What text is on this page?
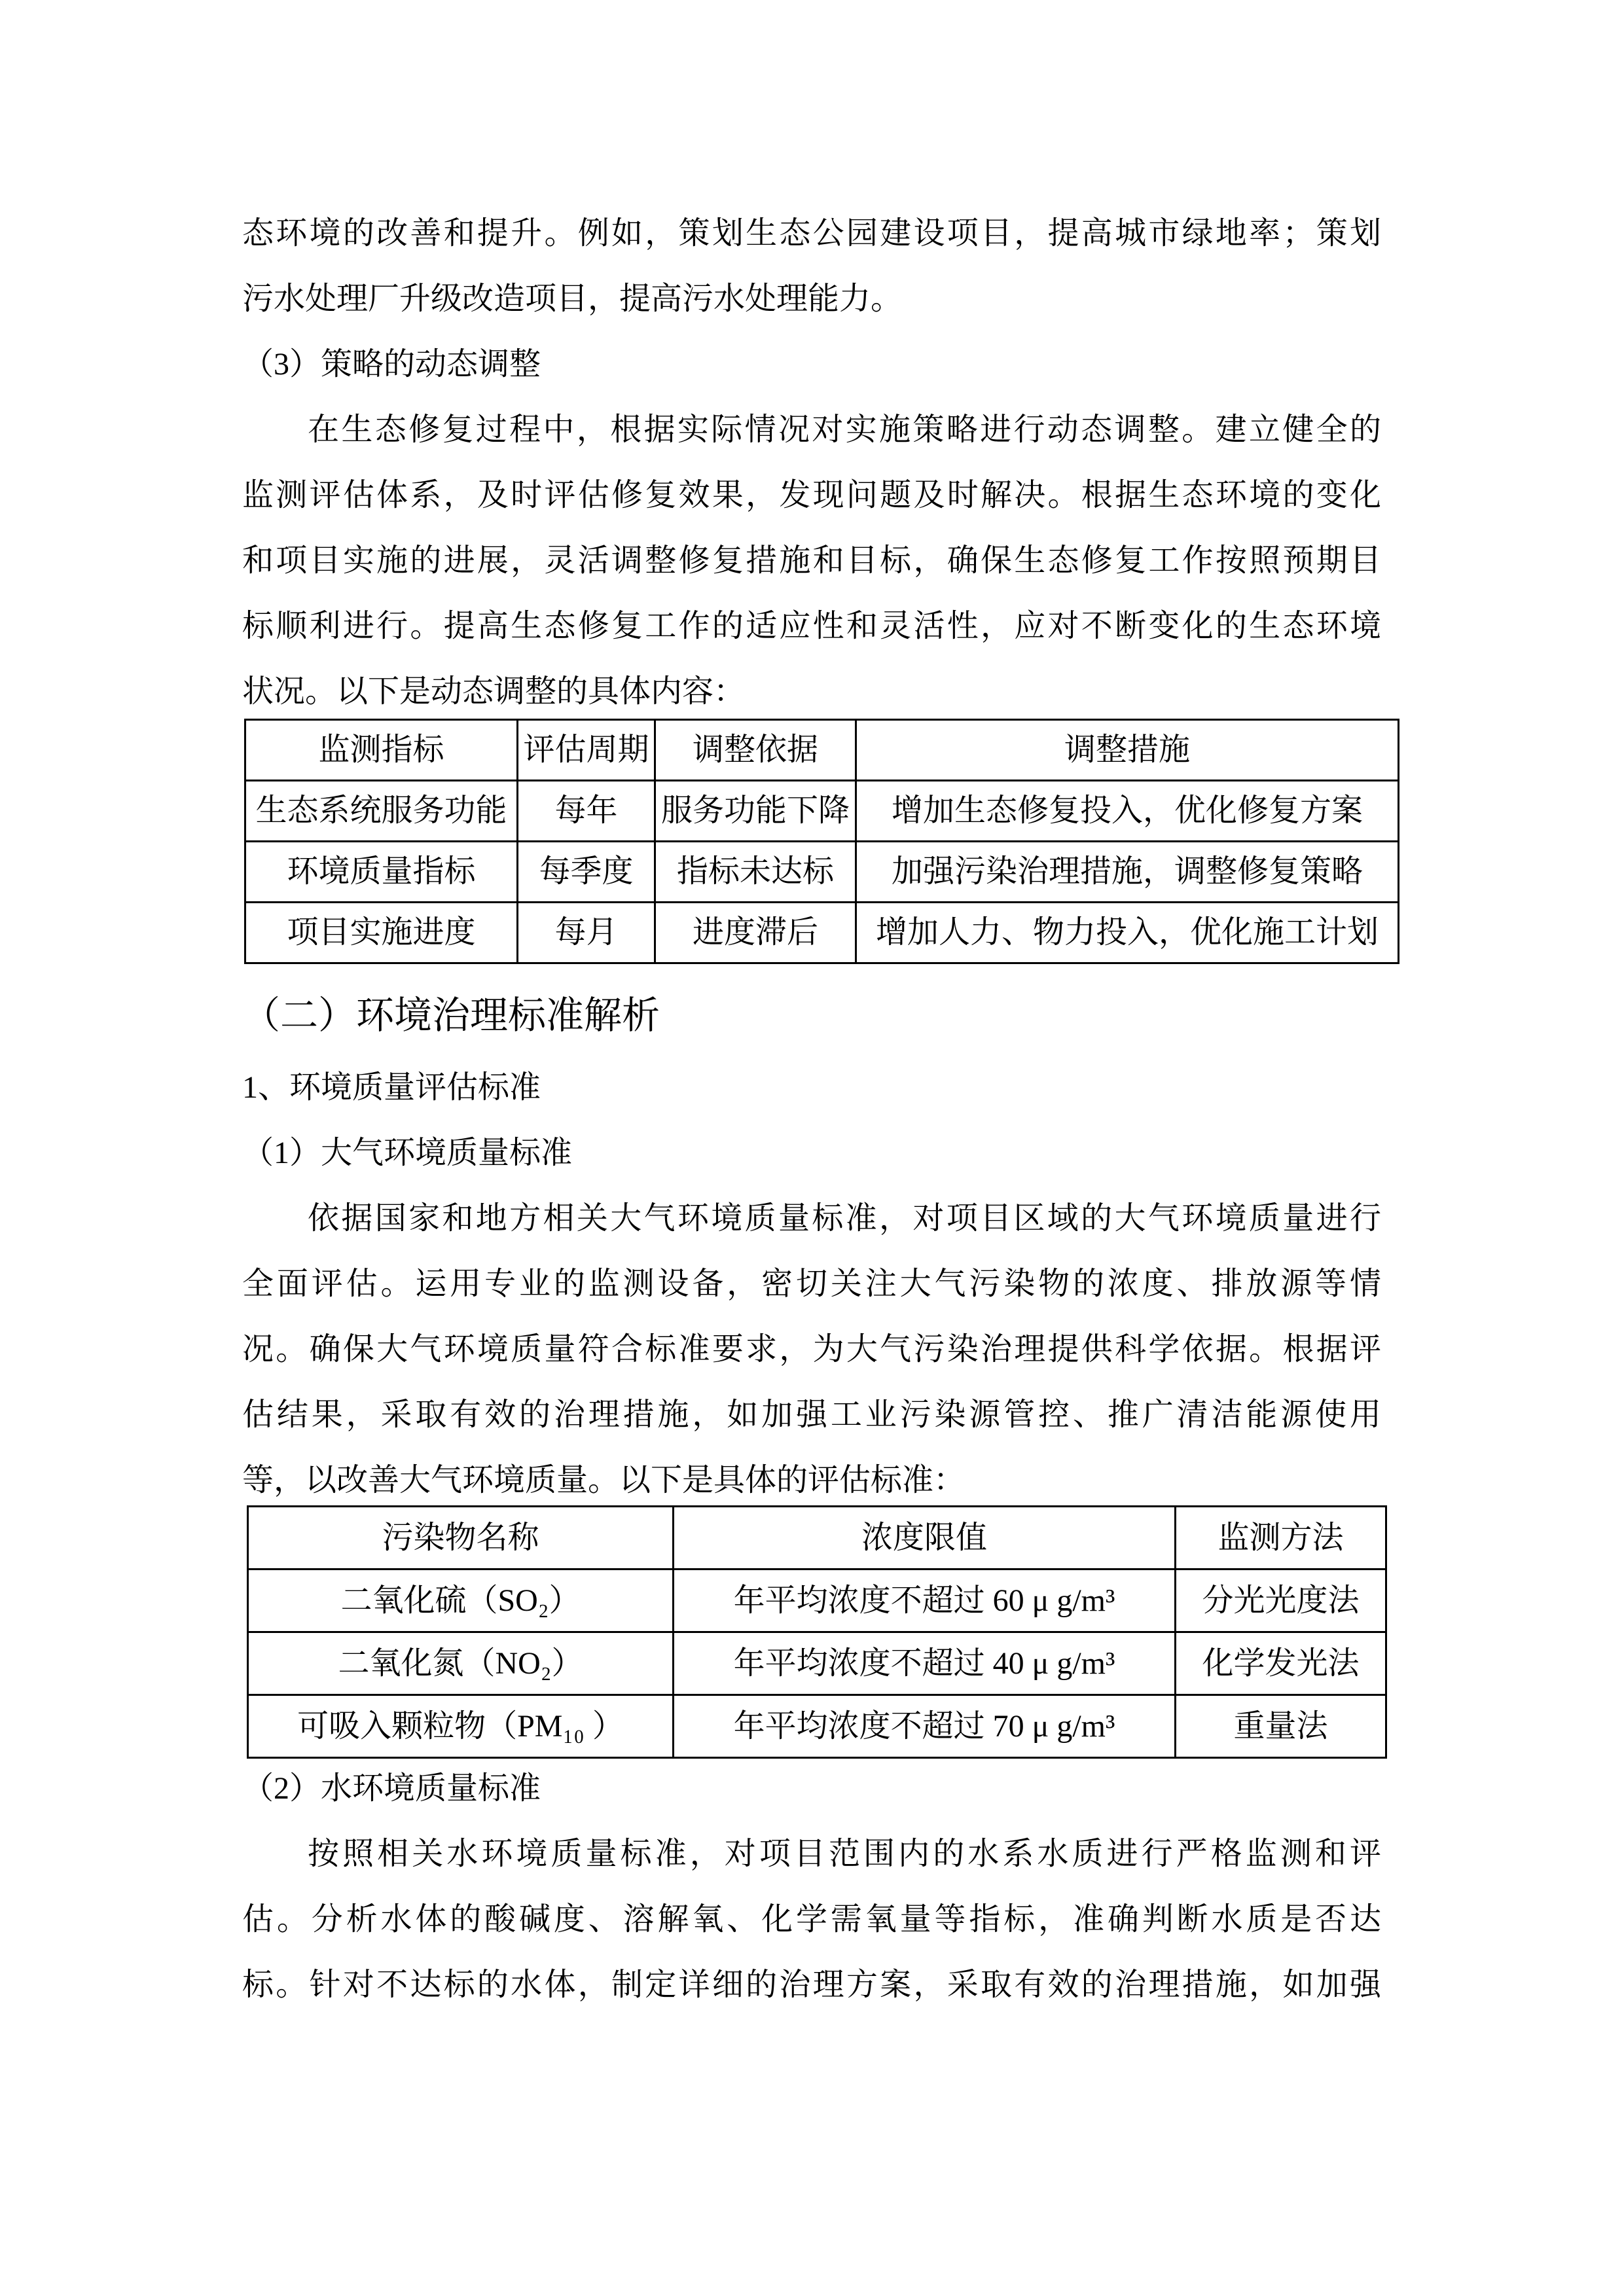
态环境的改善和提升。例如，策划生态公园建设项目，提高城市绿地率；策划
污水处理厂升级改造项目，提高污水处理能力。
（3）策略的动态调整
在生态修复过程中，根据实际情况对实施策略进行动态调整。建立健全的
监测评估体系，及时评估修复效果，发现问题及时解决。根据生态环境的变化
和项目实施的进展，灵活调整修复措施和目标，确保生态修复工作按照预期目
标顺利进行。提高生态修复工作的适应性和灵活性，应对不断变化的生态环境
状况。以下是动态调整的具体内容：
监测指标	评估周期	调整依据	调整措施
生态系统服务功能	每年	服务功能下降	增加生态修复投入，优化修复方案
环境质量指标	每季度	指标未达标	加强污染治理措施，调整修复策略
项目实施进度	每月	进度滞后	增加人力、物力投入，优化施工计划
（二）环境治理标准解析
1、环境质量评估标准
（1）大气环境质量标准
依据国家和地方相关大气环境质量标准，对项目区域的大气环境质量进行
全面评估。运用专业的监测设备，密切关注大气污染物的浓度、排放源等情
况。确保大气环境质量符合标准要求，为大气污染治理提供科学依据。根据评
估结果，采取有效的治理措施，如加强工业污染源管控、推广清洁能源使用
等，以改善大气环境质量。以下是具体的评估标准：
污染物名称	浓度限值	监测方法
二氧化硫（SO₂）	年平均浓度不超过 60 μ g/m³	分光光度法
二氧化氮（NO₂）	年平均浓度不超过 40 μ g/m³	化学发光法
可吸入颗粒物（PM₁₀ ）	年平均浓度不超过 70 μ g/m³	重量法
（2）水环境质量标准
按照相关水环境质量标准，对项目范围内的水系水质进行严格监测和评
估。分析水体的酸碱度、溶解氧、化学需氧量等指标，准确判断水质是否达
标。针对不达标的水体，制定详细的治理方案，采取有效的治理措施，如加强
